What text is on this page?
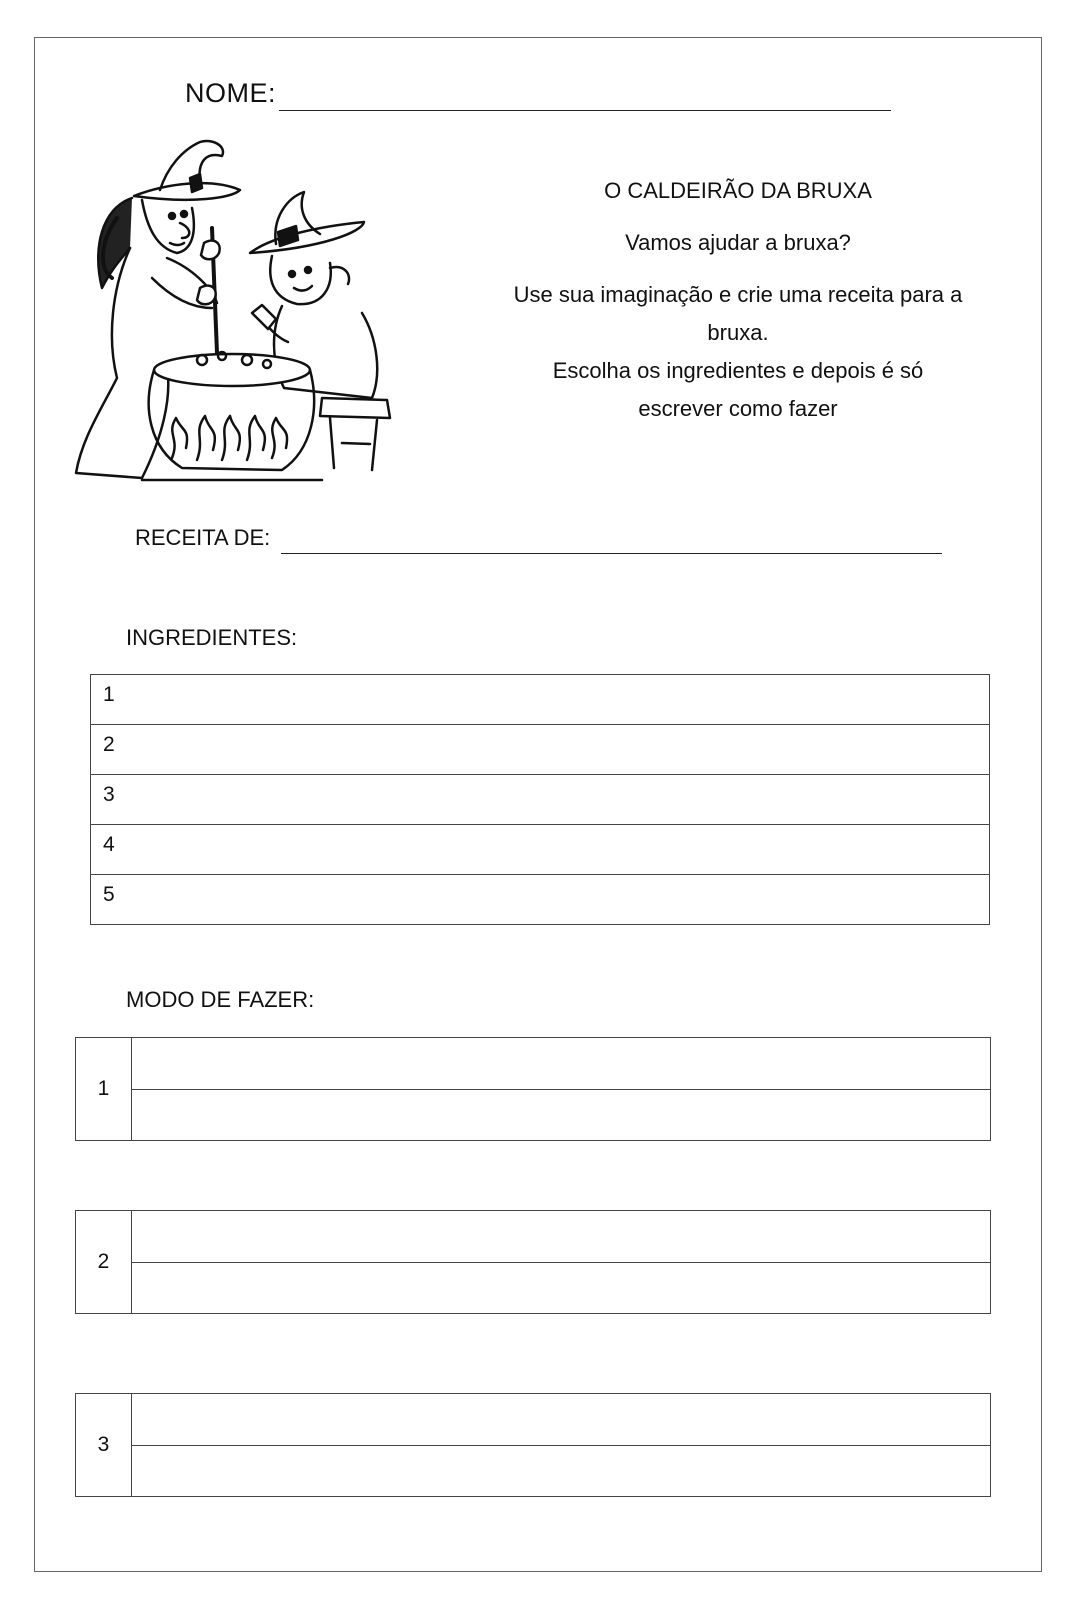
NOME:
O CALDEIRÃO DA BRUXA
Vamos ajudar a bruxa?
Use sua imaginação e crie uma receita para a
bruxa.
Escolha os ingredientes e depois é só
escrever como fazer
RECEITA DE:
INGREDIENTES:
1
2
3
4
5
MODO DE FAZER:
1
2
3
